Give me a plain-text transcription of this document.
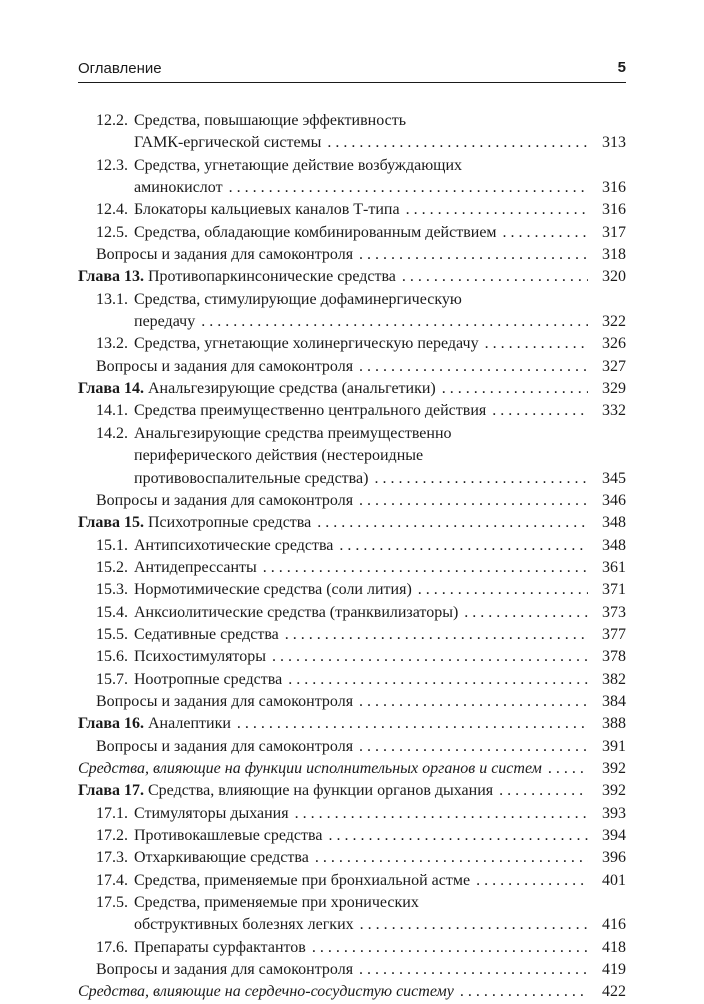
Оглавление	5
12.2. Средства, повышающие эффективность
ГАМК-ергической системы . . .	313
12.3. Средства, угнетающие действие возбуждающих
аминокислот . . .	316
12.4. Блокаторы кальциевых каналов Т-типа . . .	316
12.5. Средства, обладающие комбинированным действием . . .	317
Вопросы и задания для самоконтроля . . .	318
Глава 13. Противопаркинсонические средства . . .	320
13.1. Средства, стимулирующие дофаминергическую
передачу . . .	322
13.2. Средства, угнетающие холинергическую передачу . . .	326
Вопросы и задания для самоконтроля . . .	327
Глава 14. Анальгезирующие средства (анальгетики) . . .	329
14.1. Средства преимущественно центрального действия . . .	332
14.2. Анальгезирующие средства преимущественно
периферического действия (нестероидные
противовоспалительные средства) . . .	345
Вопросы и задания для самоконтроля . . .	346
Глава 15. Психотропные средства . . .	348
15.1. Антипсихотические средства . . .	348
15.2. Антидепрессанты . . .	361
15.3. Нормотимические средства (соли лития) . . .	371
15.4. Анксиолитические средства (транквилизаторы) . . .	373
15.5. Седативные средства . . .	377
15.6. Психостимуляторы . . .	378
15.7. Ноотропные средства . . .	382
Вопросы и задания для самоконтроля . . .	384
Глава 16. Аналептики . . .	388
Вопросы и задания для самоконтроля . . .	391
Средства, влияющие на функции исполнительных органов и систем . . .	392
Глава 17. Средства, влияющие на функции органов дыхания . . .	392
17.1. Стимуляторы дыхания . . .	393
17.2. Противокашлевые средства . . .	394
17.3. Отхаркивающие средства . . .	396
17.4. Средства, применяемые при бронхиальной астме . . .	401
17.5. Средства, применяемые при хронических
обструктивных болезнях легких . . .	416
17.6. Препараты сурфактантов . . .	418
Вопросы и задания для самоконтроля . . .	419
Средства, влияющие на сердечно-сосудистую систему . . .	422
